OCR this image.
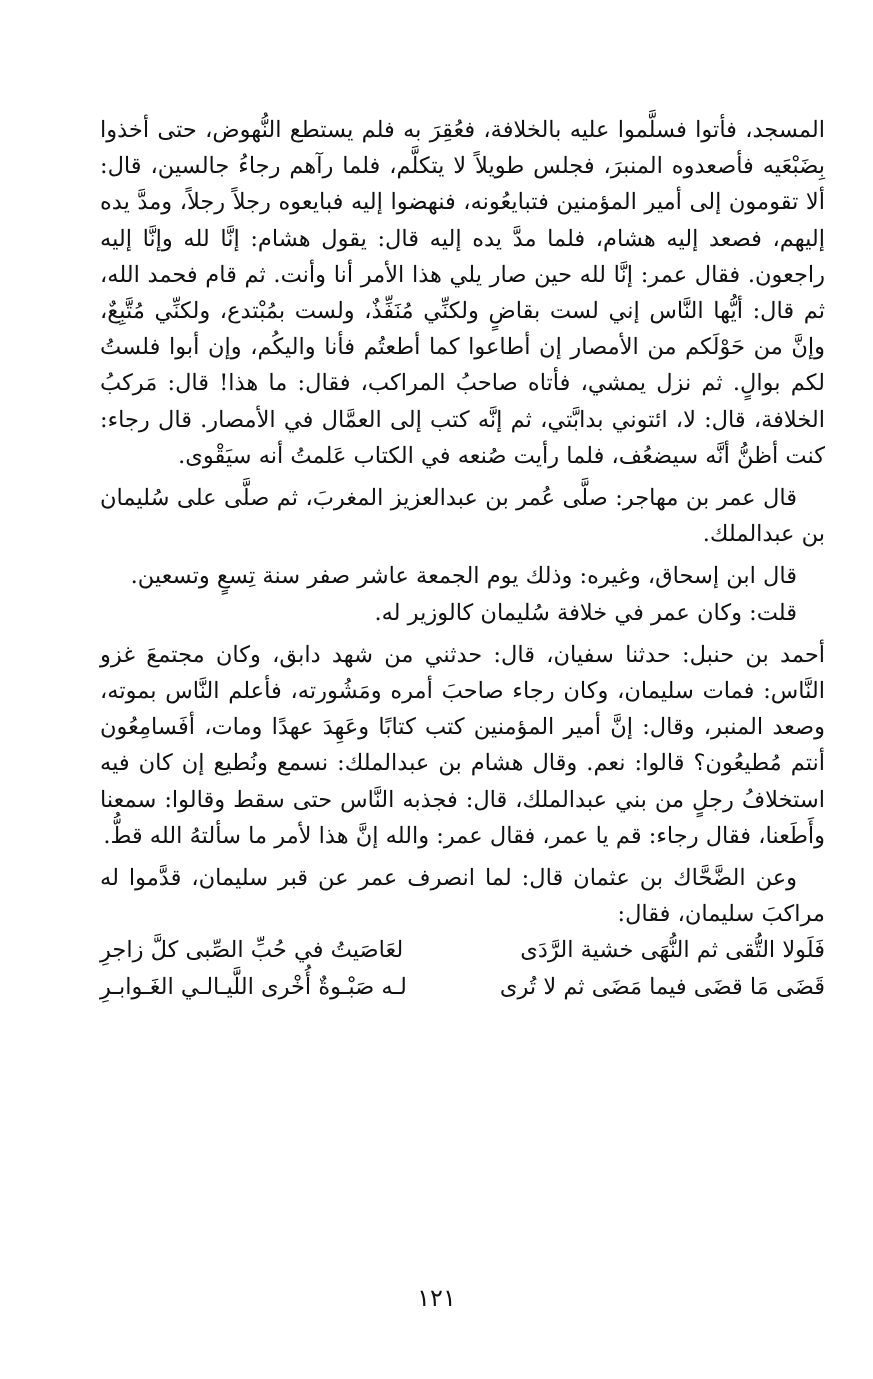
المسجد، فأتوا فسلَّموا عليه بالخلافة، فعُقِرَ به فلم يستطع النُّهوض، حتى أخذوا بِضَبْعَيه فأصعدوه المنبرَ، فجلس طويلاً لا يتكلَّم، فلما رآهم رجاءُ جالسين، قال: ألا تقومون إلى أمير المؤمنين فتبايعُونه، فنهضوا إليه فبايعوه رجلاً رجلاً، ومدَّ يده إليهم، فصعد إليه هشام، فلما مدَّ يده إليه قال: يقول هشام: إنَّا لله وإنَّا إليه راجعون. فقال عمر: إنَّا لله حين صار يلي هذا الأمر أنا وأنت. ثم قام فحمد الله، ثم قال: أيُّها النَّاس إني لست بقاضٍ ولكنِّي مُنَفِّذٌ، ولست بمُبْتدع، ولكنِّي مُتَّبِعٌ، وإنَّ من حَوْلَكم من الأمصار إن أطاعوا كما أطعتُم فأنا واليكُم، وإن أبوا فلستُ لكم بوالٍ. ثم نزل يمشي، فأتاه صاحبُ المراكب، فقال: ما هذا! قال: مَركبُ الخلافة، قال: لا، ائتوني بدابَّتي، ثم إنَّه كتب إلى العمَّال في الأمصار. قال رجاء: كنت أظنُّ أنَّه سيضعُف، فلما رأيت صُنعه في الكتاب عَلمتُ أنه سيَقْوى.

قال عمر بن مهاجر: صلَّى عُمر بن عبدالعزيز المغربَ، ثم صلَّى على سُليمان بن عبدالملك.

قال ابن إسحاق، وغيره: وذلك يوم الجمعة عاشر صفر سنة تِسعٍ وتسعين.

قلت: وكان عمر في خلافة سُليمان كالوزير له.

أحمد بن حنبل: حدثنا سفيان، قال: حدثني من شهد دابق، وكان مجتمعَ غزو النَّاس: فمات سليمان، وكان رجاء صاحبَ أمره ومَشُورته، فأعلم النَّاس بموته، وصعد المنبر، وقال: إنَّ أمير المؤمنين كتب كتابًا وعَهِدَ عهدًا ومات، أفَسامِعُون أنتم مُطيعُون؟ قالوا: نعم. وقال هشام بن عبدالملك: نسمع ونُطيع إن كان فيه استخلافُ رجلٍ من بني عبدالملك، قال: فجذبه النَّاس حتى سقط وقالوا: سمعنا وأَطَعنا، فقال رجاء: قم يا عمر، فقال عمر: والله إنَّ هذا لأمر ما سألتهُ الله قطُّ.

وعن الضَّحَّاك بن عثمان قال: لما انصرف عمر عن قبر سليمان، قدَّموا له مراكبَ سليمان، فقال:

فَلَولا التُّقى ثم النُّهَى خشية الرَّدَى
لعَاصَيتُ في حُبِّ الصِّبى كلَّ زاجرِ
قَضَى مَا قضَى فيما مَضَى ثم لا تُرى
لـه صَبْـوةٌ أُخْرى اللَّيـالـي الغَـوابـرِ
١٢١
